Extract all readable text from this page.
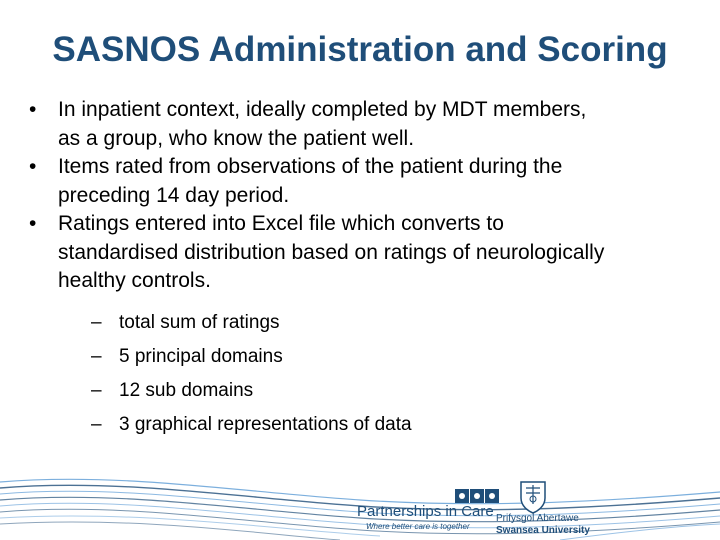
SASNOS Administration and Scoring
• In inpatient context, ideally completed by MDT members,
as a group, who know the patient well.
• Items rated from observations of the patient during the
preceding 14 day period.
• Ratings entered into Excel file which converts to
standardised distribution based on ratings of neurologically
healthy controls.
– total sum of ratings
– 5 principal domains
– 12 sub domains
– 3 graphical representations of data
Partnerships in Care
Where better care is together
Prifysgol Abertawe
Swansea University
